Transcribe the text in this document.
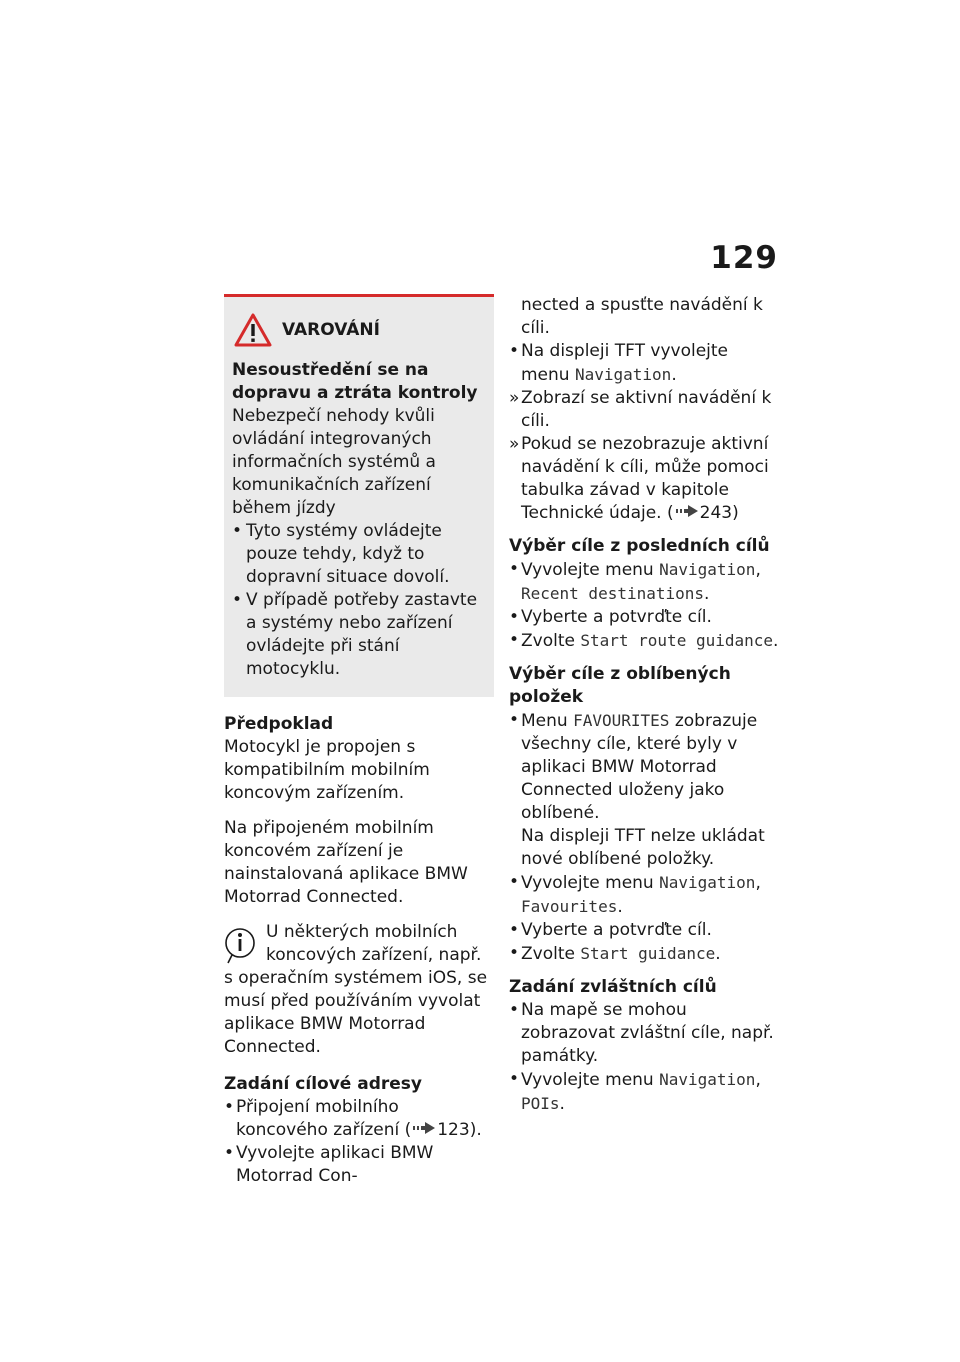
129
VAROVÁNÍ
Nesoustředění se na dopravu a ztráta kontroly

Nebezpečí nehody kvůli ovládání integrovaných informačních systémů a komunikačních zařízení během jízdy

• Tyto systémy ovládejte pouze tehdy, když to dopravní situace dovolí.
• V případě potřeby zastavte a systémy nebo zařízení ovládejte při stání motocyklu.
Předpoklad

Motocykl je propojen s kompatibilním mobilním koncovým zařízením.

Na připojeném mobilním koncovém zařízení je nainstalovaná aplikace BMW Motorrad Connected.

U některých mobilních koncových zařízení, např. s operačním systémem iOS, se musí před používáním vyvolat aplikace BMW Motorrad Connected.
Zadání cílové adresy
• Připojení mobilního koncového zařízení ( 123).
• Vyvolejte aplikaci BMW Motorrad Con-

nected a spusťte navádění k cíli.

• Na displeji TFT vyvolejte menu Navigation.
» Zobrazí se aktivní navádění k cíli.
» Pokud se nezobrazuje aktivní navádění k cíli, může pomoci tabulka závad v kapitole Technické údaje. ( 243)
Výběr cíle z posledních cílů
• Vyvolejte menu Navigation, Recent destinations.
• Vyberte a potvrďte cíl.
• Zvolte Start route guidance.
Výběr cíle z oblíbených položek
• Menu FAVOURITES zobrazuje všechny cíle, které byly v aplikaci BMW Motorrad Connected uloženy jako oblíbené.
Na displeji TFT nelze ukládat nové oblíbené položky.
• Vyvolejte menu Navigation, Favourites.
• Vyberte a potvrďte cíl.
• Zvolte Start guidance.
Zadání zvláštních cílů
• Na mapě se mohou zobrazovat zvláštní cíle, např. památky.
• Vyvolejte menu Navigation, POIs.
